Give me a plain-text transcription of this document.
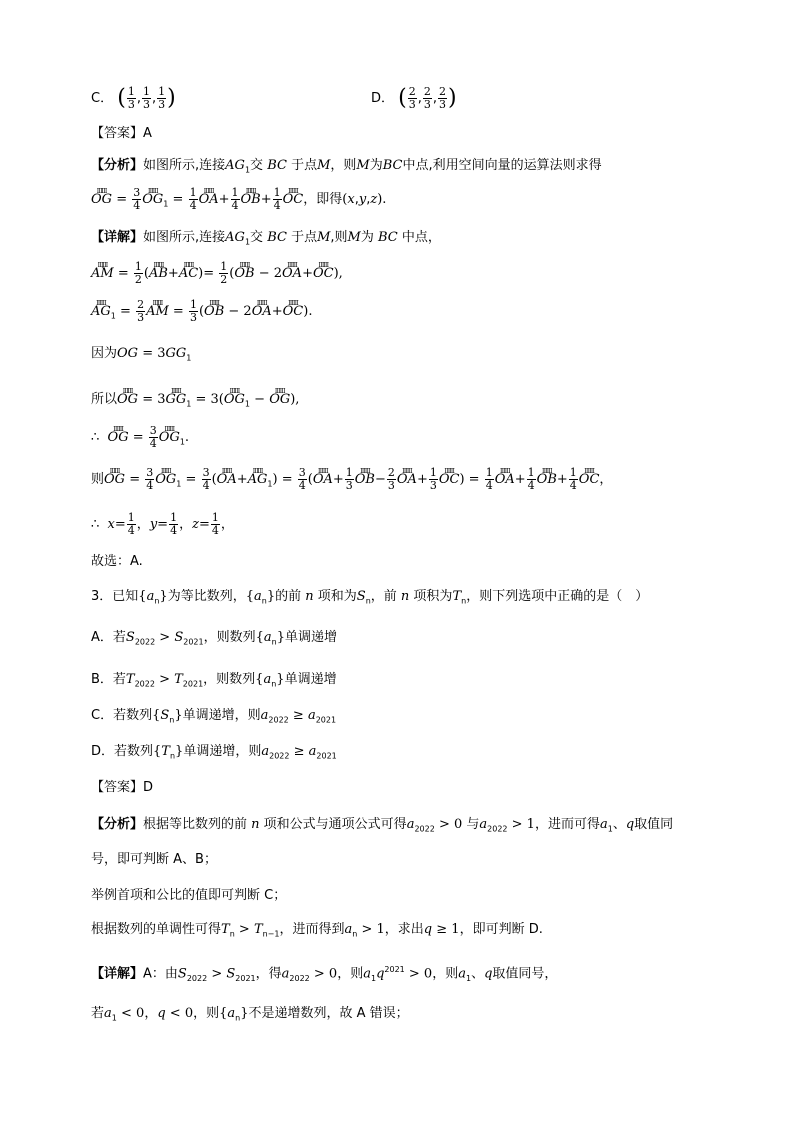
C． ( $\frac{1}{3}$ , $\frac{1}{3}$ , $\frac{1}{3}$ )	D． ( $\frac{2}{3}$ , $\frac{2}{3}$ , $\frac{2}{3}$ )
【答案】A
【分析】如图所示,连接$AG_1$交 BC 于点M，则M为BC中点,利用空间向量的运算法则求得
ⅢⅢ OG = $\frac{3}{4}$ ⅢⅢ $OG_1 = \frac{1}{4}$ ⅢⅢ $OA+ \frac{1}{4}$ ⅢⅢ $OB+ \frac{1}{4}$ ⅢⅢ OC，即得(x,y,z).
【详解】如图所示,连接$AG_1$交 BC 于点M,则M为 BC 中点，
ⅢⅢ AM = $\frac{1}{2}$ (ⅢⅢ AB+ⅢⅢ $AC)= \frac{1}{2}$ (ⅢⅢ OB − 2ⅢⅢ OA+ⅢⅢ OC),
ⅢⅢ $AG_1 = \frac{2}{3}$ ⅢⅢ AM = $\frac{1}{3}$ (ⅢⅢ OB − 2ⅢⅢ OA+ⅢⅢ OC).
因为OG = $3GG_1$
所以ⅢⅢ OG = 3ⅢⅢ $GG_1$ = 3(ⅢⅢ $OG_1$ − ⅢⅢ OG),
∴ ⅢⅢ OG = $\frac{3}{4}$ ⅢⅢ $OG_1$.
则ⅢⅢ OG = $\frac{3}{4}$ ⅢⅢ $OG_1 = \frac{3}{4}$ (ⅢⅢ OA+ⅢⅢ $AG_1) = \frac{3}{4}$ (ⅢⅢ $OA+ \frac{1}{3}$ ⅢⅢ $OB- \frac{2}{3}$ ⅢⅢ $OA+ \frac{1}{3}$ ⅢⅢ $OC) = \frac{1}{4}$ ⅢⅢ $OA+ \frac{1}{4}$ ⅢⅢ $OB+ \frac{1}{4}$ ⅢⅢ OC，
∴ $x= \frac{1}{4}$ ，$y= \frac{1}{4}$ ，$z= \frac{1}{4}$ ，
故选：A.
3．已知$\{a_n\}$为等比数列，$\{a_n\}$的前 n 项和为$S_n$，前 n 项积为$T_n$，则下列选项中正确的是（　）
A．若$S_{2022} > S_{2021}$，则数列$\{a_n\}$单调递增
B．若$T_{2022} > T_{2021}$，则数列$\{a_n\}$单调递增
C．若数列$\{S_n\}$单调递增，则$a_{2022} \ge a_{2021}$
D．若数列$\{T_n\}$单调递增，则$a_{2022} \ge a_{2021}$
【答案】D
【分析】根据等比数列的前 n 项和公式与通项公式可得$a_{2022} > 0$ 与$a_{2022} > 1$，进而可得$a_1$、q取值同
号，即可判断 A、B；
举例首项和公比的值即可判断 C；
根据数列的单调性可得$T_n > T_{n-1}$，进而得到$a_n > 1$，求出q ≥ 1，即可判断 D.
【详解】A：由$S_{2022} > S_{2021}$，得$a_{2022} > 0$，则$a_1q^{2021} > 0$，则$a_1$、q取值同号，
若$a_1 < 0$，q < 0，则$\{a_n\}$不是递增数列，故 A 错误；
